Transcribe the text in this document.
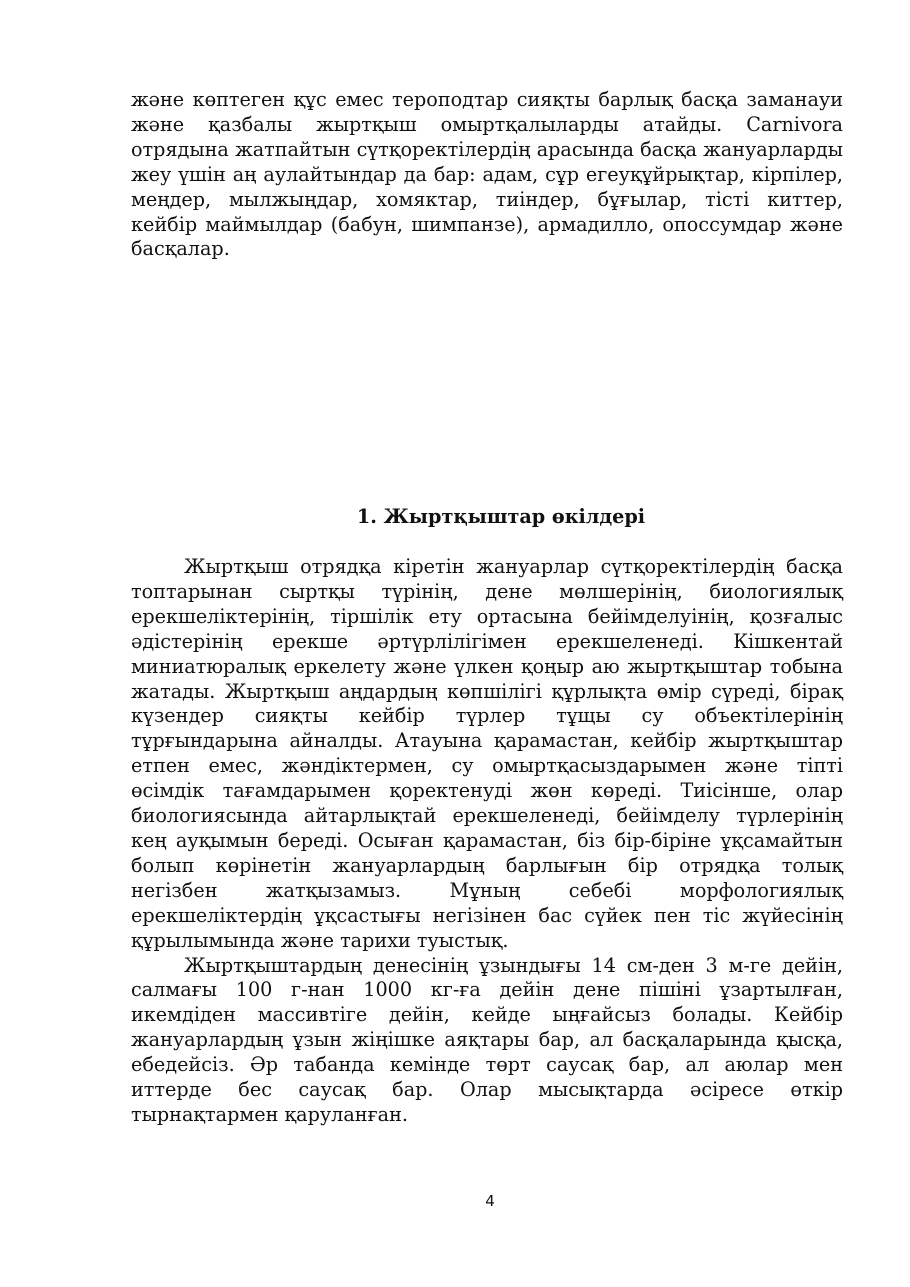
және көптеген құс емес тероподтар сияқты барлық басқа заманауи және қазбалы жыртқыш омыртқалыларды атайды. Carnivora отрядына жатпайтын сүтқоректілердің арасында басқа жануарларды жеу үшін аң аулайтындар да бар: адам, сұр егеуқұйрықтар, кірпілер, меңдер, мылжыңдар, хомяктар, тиіндер, бұғылар, тісті киттер, кейбір маймылдар (бабун, шимпанзе), армадилло, опоссумдар және басқалар.

1. Жыртқыштар өкілдері

Жыртқыш отрядқа кіретін жануарлар сүтқоректілердің басқа топтарынан сыртқы түрінің, дене мөлшерінің, биологиялық ерекшеліктерінің, тіршілік ету ортасына бейімделуінің, қозғалыс әдістерінің ерекше әртүрлілігімен ерекшеленеді. Кішкентай миниатюралық еркелету және үлкен қоңыр аю жыртқыштар тобына жатады. Жыртқыш аңдардың көпшілігі құрлықта өмір сүреді, бірақ күзендер сияқты кейбір түрлер тұщы су объектілерінің тұрғындарына айналды. Атауына қарамастан, кейбір жыртқыштар етпен емес, жәндіктермен, су омыртқасыздарымен және тіпті өсімдік тағамдарымен қоректенуді жөн көреді. Тиісінше, олар биологиясында айтарлықтай ерекшеленеді, бейімделу түрлерінің кең ауқымын береді. Осыған қарамастан, біз бір-біріне ұқсамайтын болып көрінетін жануарлардың барлығын бір отрядқа толық негізбен жатқызамыз. Мұның себебі морфологиялық ерекшеліктердің ұқсастығы негізінен бас сүйек пен тіс жүйесінің құрылымында және тарихи туыстық.

Жыртқыштардың денесінің ұзындығы 14 см-ден 3 м-ге дейін, салмағы 100 г-нан 1000 кг-ға дейін дене пішіні ұзартылған, икемдіден массивтіге дейін, кейде ыңғайсыз болады. Кейбір жануарлардың ұзын жіңішке аяқтары бар, ал басқаларында қысқа, ебедейсіз. Әр табанда кемінде төрт саусақ бар, ал аюлар мен иттерде бес саусақ бар. Олар мысықтарда әсіресе өткір тырнақтармен қаруланған.

4
